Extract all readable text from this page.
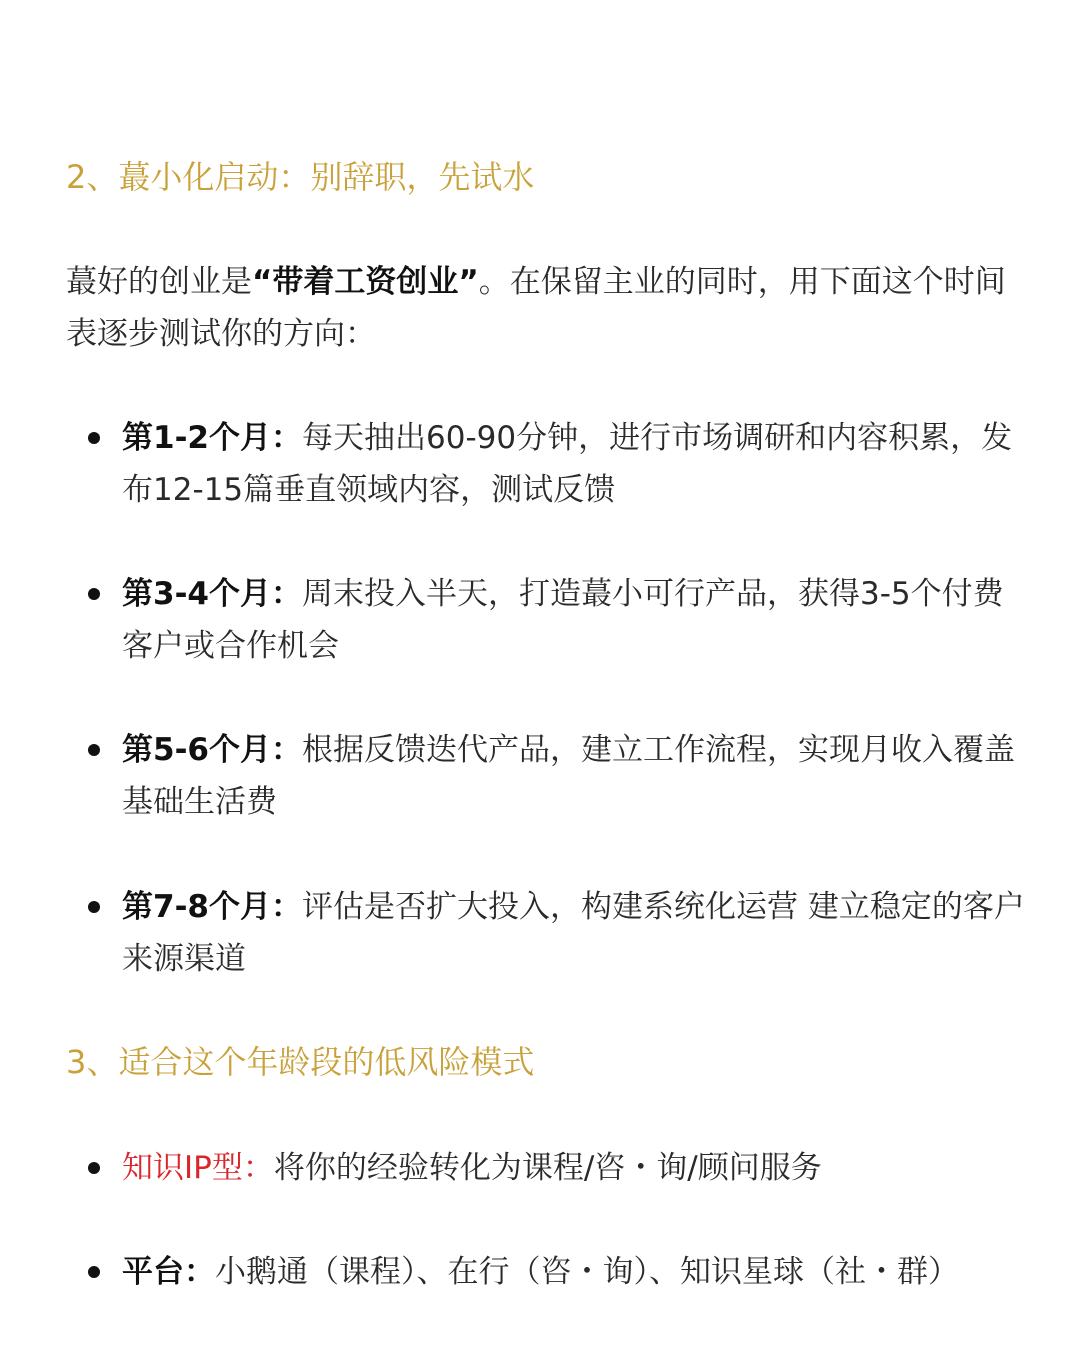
2、蕞小化启动：别辞职，先试水

蕞好的创业是“带着工资创业”。在保留主业的同时，用下面这个时间表逐步测试你的方向：

第1-2个月：每天抽出60-90分钟，进行市场调研和内容积累，发布12-15篇垂直领域内容，测试反馈
第3-4个月：周末投入半天，打造蕞小可行产品，获得3-5个付费客户或合作机会
第5-6个月：根据反馈迭代产品，建立工作流程，实现月收入覆盖基础生活费
第7-8个月：评估是否扩大投入，构建系统化运营 建立稳定的客户来源渠道
3、适合这个年龄段的低风险模式
知识IP型：将你的经验转化为课程/咨・询/顾问服务
平台：小鹅通（课程）、在行（咨・询）、知识星球（社・群）
